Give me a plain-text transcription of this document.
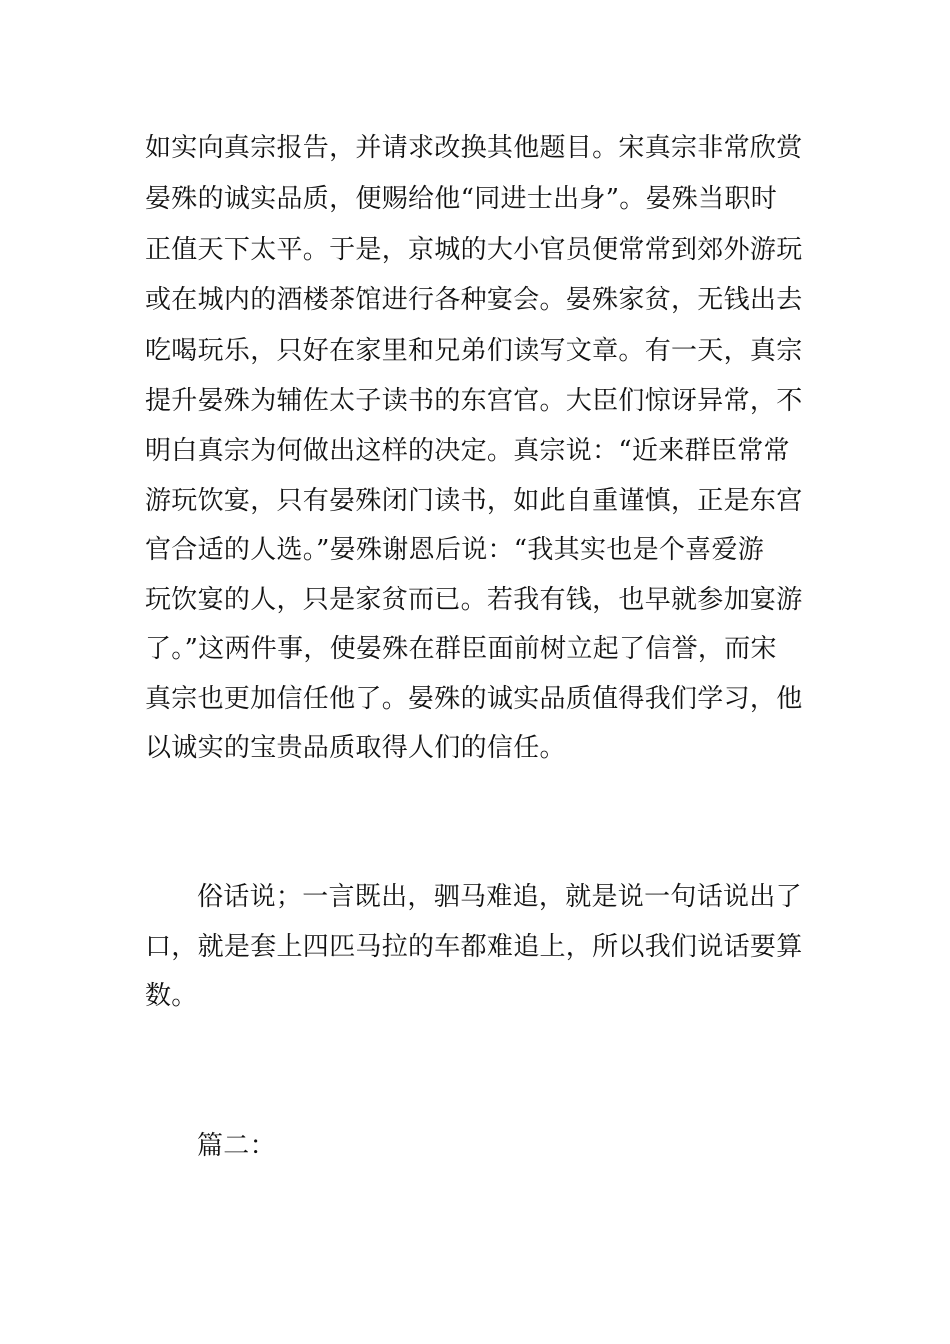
如实向真宗报告，并请求改换其他题目。宋真宗非常欣赏
晏殊的诚实品质，便赐给他“同进士出身”。晏殊当职时
正值天下太平。于是，京城的大小官员便常常到郊外游玩
或在城内的酒楼茶馆进行各种宴会。晏殊家贫，无钱出去
吃喝玩乐，只好在家里和兄弟们读写文章。有一天，真宗
提升晏殊为辅佐太子读书的东宫官。大臣们惊讶异常，不
明白真宗为何做出这样的决定。真宗说：“近来群臣常常
游玩饮宴，只有晏殊闭门读书，如此自重谨慎，正是东宫
官合适的人选。”晏殊谢恩后说：“我其实也是个喜爱游
玩饮宴的人，只是家贫而已。若我有钱，也早就参加宴游
了。”这两件事，使晏殊在群臣面前树立起了信誉，而宋
真宗也更加信任他了。晏殊的诚实品质值得我们学习，他
以诚实的宝贵品质取得人们的信任。
俗话说；一言既出，驷马难追，就是说一句话说出了
口，就是套上四匹马拉的车都难追上，所以我们说话要算
数。
篇二：
